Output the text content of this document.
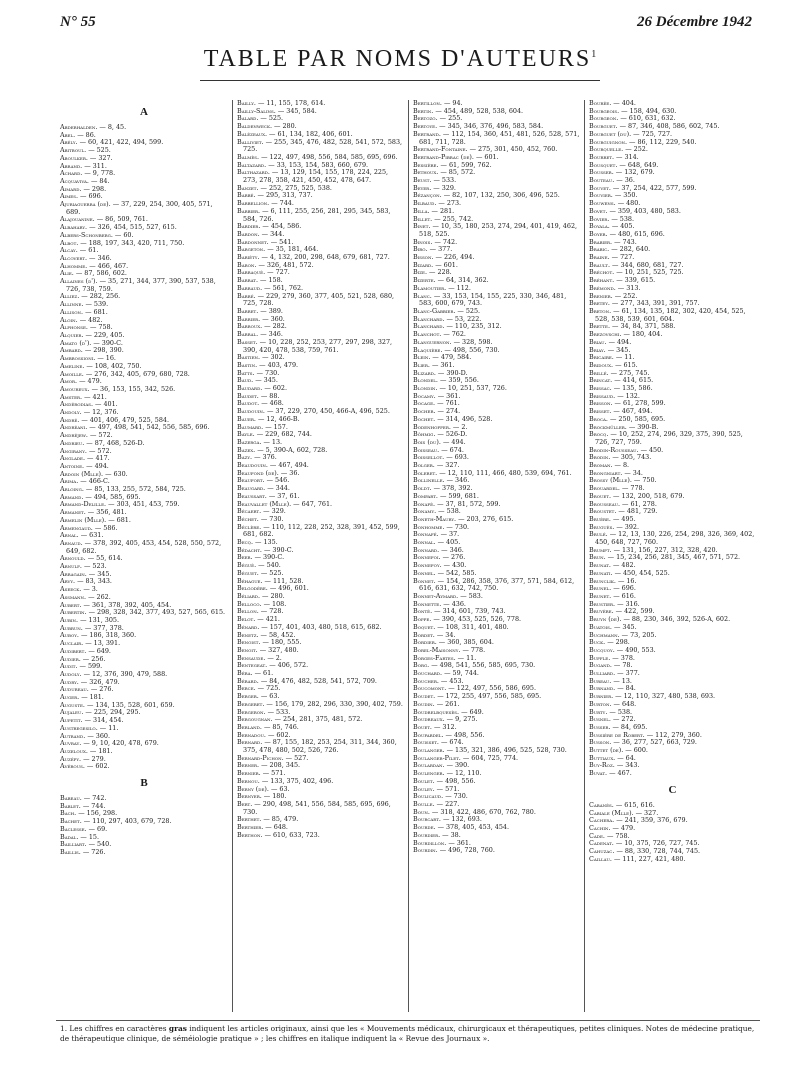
N° 55	26 Décembre 1942
TABLE PAR NOMS D'AUTEURS$^1$
A

Abderhalden. — 8, 45.

Abel. — 86.

Abély. — 60, 421, 422, 494, 599.

Abitboul. — 525.

Aboulker. — 327.

Abrand. — 311.

Achard. — 9, 778.

Acquaviva. — 84.

Aimard. — 298.

Aimes. — 696.

Ajuriaguerra (de). — 37, 229, 254, 300, 405, 571, 689.

Alajouanine. — 86, 509, 761.

Albahary. — 326, 454, 515, 527, 615.

Albers-Schonberg. — 60.

Albot. — 188, 197, 343, 420, 711, 750.

Alcay. — 61.

Alcovert. — 346.

Alhomme. — 466, 467.

Alie. — 87, 586, 602.

Allaines (d'). — 35, 271, 344, 377, 390, 537, 538, 726, 738, 759.

Alliez. — 282, 256.

Allinne. — 539.

Allison. — 681.

Aloin. — 482.

Alphonse. — 758.

Alquier. — 229, 405.

Amato (d'). — 390-C.

Ambard. — 298, 390.

Ambrossioni. — 16.

Ameline. — 108, 402, 750.

Amoille. — 276, 342, 405, 679, 680, 728.

Amor. — 479.

Amoureux. — 36, 153, 155, 342, 526.

Amster. — 421.

Andérodias. — 401.

Andoly. — 12, 376.

André. — 401, 406, 479, 525, 584.

Andréani. — 497, 498, 541, 542, 556, 585, 696.

Andréjew. — 572.

Andrieu. — 87, 468, 526-D.

Angirany. — 572.

Anglade. — 417.

Antoine. — 494.

Ardoin (Mlle). — 630.

Arima. — 466-C.

Arloing. — 85, 133, 255, 572, 584, 725.

Armand. — 494, 585, 695.

Armand-Delille. — 303, 451, 453, 759.

Armanet. — 356, 481.

Armelin (Mlle). — 681.

Armengaud. — 586.

Arnal. — 631.

Arnaud. — 378, 392, 405, 453, 454, 528, 550, 572, 649, 682.

Arnould. — 55, 614.

Arnulf. — 523.

Arragain. — 345.

Arvy. — 83, 343.

Aseeck. — 3.

Assmann. — 262.

Aubert. — 361, 378, 392, 405, 454.

Aubertin. — 298, 328, 342, 377, 493, 527, 565, 615.

Aubin. — 131, 305.

Aubrun. — 377, 378.

Auboy. — 186, 318, 360.

Auclair. — 13, 391.

Audibert. — 649.

Audier. — 256.

Audit. — 599.

Audoly. — 12, 376, 390, 479, 588.

Audry. — 326, 479.

Audureau. — 276.

Auger. — 181.

Auguste. — 134, 135, 528, 601, 659.

Aujaleu. — 225, 294, 295.

Aupetit. — 314, 454.

Austregesilo. — 11.

Autrand. — 360.

Auvray. — 9, 10, 420, 478, 679.

Auzeloux. — 181.

Auzépy. — 279.

Avérous. — 602.

B

Babeau. — 742.

Bablet. — 744.

Bach. — 156, 298.

Bachet. — 110, 297, 403, 679, 728.

Baclesse. — 69.

Badal. — 15.

Bailliart. — 540.

Baillis. — 726.

Bailly. — 11, 155, 178, 614.

Bailly-Salins. — 345, 584.

Balard. — 525.

Baldenweck. — 280.

Balézeaux. — 61, 134, 182, 406, 601.

Balliviet. — 255, 345, 476, 482, 528, 541, 572, 583, 725.

Balmès. — 122, 497, 498, 556, 584, 585, 695, 696.

Baltazard. — 33, 153, 154, 583, 660, 679.

Balthazard. — 13, 129, 154, 155, 178, 224, 225, 273, 278, 358, 421, 450, 452, 478, 647.

Banzet. — 252, 275, 525, 538.

Barbé. — 295, 313, 737.

Barbellion. — 744.

Barbier. — 6, 111, 255, 256, 281, 295, 345, 583, 584, 726.

Bardier. — 454, 586.

Bardon. — 344.

Bardonnet. — 541.

Bargeton. — 35, 181, 464.

Bariéty. — 4, 132, 200, 298, 648, 679, 681, 727.

Baron. — 326, 481, 572.

Barraqué. — 727.

Barrat. — 158.

Barraud. — 561, 762.

Barré. — 229, 279, 360, 377, 405, 521, 528, 680, 725, 728.

Barret. — 389.

Barrier. — 360.

Barroux. — 282.

Barral. — 346.

Basset. — 10, 228, 252, 253, 277, 297, 298, 327, 390, 420, 478, 538, 759, 761.

Bastien. — 302.

Bastin. — 403, 479.

Batts. — 730.

Baud. — 345.

Baudard. — 602.

Baudet. — 88.

Baudot. — 468.

Baudouin. — 37, 229, 270, 450, 466-A, 496, 525.

Bauer. — 12, 466-B.

Baumard. — 157.

Bayle. — 229, 682, 744.

Bazerga. — 13.

Bazex. — 5, 390-A, 602, 728.

Bazy. — 376.

Beaudouin. — 467, 494.

Beaufond (de). — 36.

Beaufort. — 546.

Beaugard. — 344.

Beaussart. — 37, 61.

Beauvallet (Mlle). — 647, 761.

Bécaert. — 329.

Béchet. — 730.

Béclère. — 110, 112, 228, 252, 328, 391, 452, 599, 681, 682.

Becq. — 135.

Bédacht. — 390-C.

Beer. — 390-C.

Bégué. — 540.

Béguet. — 525.

Béhague. — 111, 528.

Belgodère. — 496, 601.

Béliard. — 280.

Belloco. — 108.

Bellon. — 728.

Belot. — 421.

Bénard. — 157, 401, 403, 480, 518, 615, 682.

Benetz. — 58, 452.

Benoist. — 180, 555.

Benoit. — 327, 480.

Bensaude. — 2.

Bentegeat. — 406, 572.

Béra. — 61.

Bérard. — 84, 476, 482, 528, 541, 572, 709.

Berce. — 725.

Berger. — 63.

Bergeret. — 156, 179, 282, 296, 330, 390, 402, 759.

Bergeron. — 533.

Bergougnan. — 254, 281, 375, 481, 572.

Berland. — 85, 746.

Bernadou. — 602.

Bernard. — 87, 155, 182, 253, 254, 311, 344, 360, 375, 478, 480, 502, 526, 726.

Bernard-Pichon. — 527.

Berner. — 208, 345.

Bernier. — 571.

Bernou. — 133, 375, 402, 496.

Berny (de). — 63.

Bernyer. — 180.

Bert. — 290, 498, 541, 556, 584, 585, 695, 696, 730.

Berthet. — 85, 479.

Berthier. — 648.

Berthon. — 610, 633, 723.

Bertillon. — 94.

Bertin. — 454, 489, 528, 538, 604.

Bertozo. — 255.

Bertoye. — 345, 346, 376, 496, 583, 584.

Bertrand. — 112, 154, 360, 451, 481, 526, 528, 571, 681, 711, 728.

Bertrand-Fontaine. — 275, 301, 450, 452, 760.

Bertrand-Pibrac (de). — 601.

Bessière. — 61, 599, 762.

Bethoux. — 85, 572.

Beust. — 533.

Beyer. — 329.

Bézançon. — 82, 107, 132, 250, 306, 496, 525.

Bilbaud. — 273.

Billa. — 281.

Billet. — 255, 742.

Binet. — 10, 35, 180, 253, 274, 294, 401, 419, 462, 518, 525.

Binois. — 742.

Biro. — 377.

Bisson. — 226, 494.

Bizard. — 601.

Bize. — 228.

Bizerte. — 64, 314, 362.

Blamoutier. — 112.

Blanc. — 33, 153, 154, 155, 225, 330, 346, 481, 583, 600, 679, 743.

Blanc-Gabbier. — 525.

Blanchard. — 53, 222.

Blanchard. — 110, 235, 312.

Blanchot. — 762.

Blanguernon. — 328, 598.

Blaquière. — 498, 556, 730.

Blein. — 479, 584.

Blier. — 361.

Blizard. — 390-D.

Blondel. — 359, 556.

Blondin. — 10, 251, 537, 726.

Bocamy. — 361.

Bocage. — 761.

Bocher. — 274.

Bochet. — 314, 496, 528.

Bodenhoffer. — 2.

Böhmig. — 526-D.

Bois (du). — 494.

Boisseau. — 674.

Boissellot. — 693.

Bolger. — 327.

Boleret. — 12, 110, 111, 466, 480, 539, 694, 761.

Bollinelle. — 346.

Boldt. — 378, 392.

Bompart. — 599, 681.

Bonafé. — 37, 81, 572, 599.

Bonamy. — 538.

Boneth-Maury. — 203, 276, 615.

Bonhomme. — 730.

Bonnafé. — 37.

Bonnal. — 405.

Bonnard. — 346.

Bonnefoi. — 276.

Bonnefoy. — 430.

Bonnel. — 542, 585.

Bonnet. — 154, 286, 358, 376, 377, 571, 584, 612, 616, 631, 632, 742, 750.

Bonnet-Aymard. — 583.

Bonnette. — 436.

Bonté. — 314, 601, 739, 743.

Boppe. — 390, 453, 525, 526, 778.

Boquet. — 108, 311, 401, 480.

Bordet. — 34.

Bordier. — 360, 385, 604.

Borel-Maisonny. — 778.

Borges-Fartes. — 11.

Borg. — 498, 541, 556, 585, 695, 730.

Bouchard. — 59, 744.

Boucher. — 453.

Boucomont. — 122, 497, 556, 586, 695.

Boudet. — 172, 255, 497, 556, 585, 695.

Boudin. — 261.

Boudrelbquesès. — 649.

Boudreaux. — 9, 275.

Bouet. — 312.

Boufardel. — 498, 556.

Bouisset. — 674.

Boulanger. — 135, 321, 386, 496, 525, 528, 730.

Boulanger-Pilet. — 604, 725, 774.

Boulardan. — 390.

Boulenger. — 12, 110.

Boulet. — 498, 556.

Bouley. — 571.

Boulicaud. — 730.

Boulle. — 227.

Boun. — 318, 422, 486, 670, 762, 780.

Bourcart. — 132, 693.

Bourde. — 378, 405, 453, 454.

Bourdier. — 38.

Bourdillon. — 361.

Bourdin. — 496, 728, 760.

Bourée. — 404.

Bourgeois. — 158, 494, 630.

Bourgeon. — 610, 631, 632.

Bourguet. — 87, 346, 408, 586, 602, 745.

Bourguet (du). — 725, 727.

Bourguignon. — 86, 112, 229, 540.

Bourquelle. — 252.

Bourret. — 314.

Bousquet. — 648, 649.

Bousser. — 132, 679.

Bouteau. — 36.

Bouvet. — 37, 254, 422, 577, 599.

Bouvier. — 350.

Bouwens. — 480.

Bovet. — 359, 403, 480, 583.

Bovier. — 538.

Boyala. — 405.

Boyer. — 480, 615, 696.

Brabier. — 743.

Brabic. — 282, 640.

Braine. — 727.

Brault. — 344, 680, 681, 727.

Bréchot. — 10, 251, 525, 725.

Bréhant. — 339, 615.

Brémond. — 313.

Brenier. — 252.

Bretey. — 277, 343, 391, 391, 757.

Breton. — 61, 134, 135, 182, 302, 420, 454, 525, 528, 538, 539, 601, 604.

Brette. — 34, 84, 371, 588.

Brezovschi. — 180, 404.

Briau. — 494.

Briay. — 345.

Bricaire. — 11.

Bridoux. — 615.

Brillé. — 275, 745.

Brincat. — 414, 615.

Brissac. — 135, 586.

Brissaud. — 132.

Brisson. — 61, 278, 599.

Brisset. — 467, 494.

Broca. — 250, 585, 695.

Brockmüller. — 390-B.

Brocq. — 10, 252, 274, 296, 329, 375, 390, 525, 726, 727, 759.

Brodin-Rousseau. — 450.

Brodin. — 305, 743.

Broman. — 8.

Brongniart. — 34.

Brossy (Mlle). — 750.

Brouardel. — 778.

Brouet. — 132, 200, 518, 679.

Brousseau. — 61, 278.

Broustet. — 481, 729.

Bruère. — 495.

Bruguès. — 392.

Brulé. — 12, 13, 130, 226, 254, 298, 326, 369, 402, 450, 648, 727, 760.

Brumpt. — 131, 156, 227, 312, 328, 420.

Brun. — 15, 234, 256, 281, 345, 467, 571, 572.

Brunat. — 482.

Brunati. — 450, 454, 525.

Brunclik. — 16.

Brunel. — 696.

Brunet. — 616.

Brustier. — 316.

Bruyère. — 422, 599.

Bruyn (de). — 88, 230, 346, 392, 526-A, 602.

Buatois. — 345.

Buchmann. — 73, 205.

Buck. — 298.

Bucquoy. — 490, 553.

Buffle. — 378.

Bugand. — 78.

Bulliard. — 377.

Bureau. — 13.

Burnand. — 84.

Burnier. — 12, 110, 327, 480, 538, 693.

Burton. — 648.

Burty. — 538.

Busnel. — 272.

Busser. — 84, 695.

Bussière de Robert. — 112, 279, 360.

Busson. — 36, 277, 527, 663, 729.

Buttet (de). — 600.

Buttiaux. — 64.

Buy-Roz. — 343.

Buvat. — 467.

C

Cabanès. — 615, 616.

Cabiale (Mlle). — 327.

Cachera. — 241, 359, 376, 679.

Cachin. — 479.

Cade. — 758.

Cadenat. — 10, 375, 726, 727, 745.

Cahuzac. — 88, 330, 728, 744, 745.

Caillau. — 111, 227, 421, 480.

1. Les chiffres en caractères gras indiquent les articles originaux, ainsi que les « Mouvements médicaux, chirurgicaux et thérapeutiques, petites cliniques. Notes de médecine pratique, de thérapeutique clinique, de séméiologie pratique » ; les chiffres en italique indiquent la « Revue des Journaux ».
